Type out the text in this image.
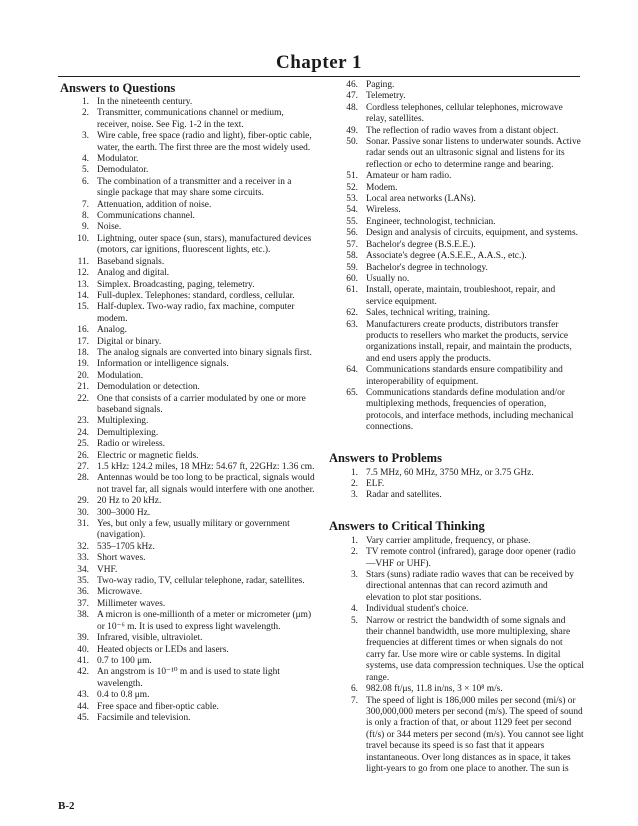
Chapter 1
Answers to Questions
1. In the nineteenth century.
2. Transmitter, communications channel or medium, receiver, noise. See Fig. 1-2 in the text.
3. Wire cable, free space (radio and light), fiber-optic cable, water, the earth. The first three are the most widely used.
4. Modulator.
5. Demodulator.
6. The combination of a transmitter and a receiver in a single package that may share some circuits.
7. Attenuation, addition of noise.
8. Communications channel.
9. Noise.
10. Lightning, outer space (sun, stars), manufactured devices (motors, car ignitions, fluorescent lights, etc.).
11. Baseband signals.
12. Analog and digital.
13. Simplex. Broadcasting, paging, telemetry.
14. Full-duplex. Telephones: standard, cordless, cellular.
15. Half-duplex. Two-way radio, fax machine, computer modem.
16. Analog.
17. Digital or binary.
18. The analog signals are converted into binary signals first.
19. Information or intelligence signals.
20. Modulation.
21. Demodulation or detection.
22. One that consists of a carrier modulated by one or more baseband signals.
23. Multiplexing.
24. Demultiplexing.
25. Radio or wireless.
26. Electric or magnetic fields.
27. 1.5 kHz: 124.2 miles, 18 MHz: 54.67 ft, 22GHz: 1.36 cm.
28. Antennas would be too long to be practical, signals would not travel far, all signals would interfere with one another.
29. 20 Hz to 20 kHz.
30. 300–3000 Hz.
31. Yes, but only a few, usually military or government (navigation).
32. 535–1705 kHz.
33. Short waves.
34. VHF.
35. Two-way radio, TV, cellular telephone, radar, satellites.
36. Microwave.
37. Millimeter waves.
38. A micron is one-millionth of a meter or micrometer (μm) or 10⁻⁶ m. It is used to express light wavelength.
39. Infrared, visible, ultraviolet.
40. Heated objects or LEDs and lasers.
41. 0.7 to 100 μm.
42. An angstrom is 10⁻¹⁰ m and is used to state light wavelength.
43. 0.4 to 0.8 μm.
44. Free space and fiber-optic cable.
45. Facsimile and television.
46. Paging.
47. Telemetry.
48. Cordless telephones, cellular telephones, microwave relay, satellites.
49. The reflection of radio waves from a distant object.
50. Sonar. Passive sonar listens to underwater sounds. Active radar sends out an ultrasonic signal and listens for its reflection or echo to determine range and bearing.
51. Amateur or ham radio.
52. Modem.
53. Local area networks (LANs).
54. Wireless.
55. Engineer, technologist, technician.
56. Design and analysis of circuits, equipment, and systems.
57. Bachelor's degree (B.S.E.E.).
58. Associate's degree (A.S.E.E., A.A.S., etc.).
59. Bachelor's degree in technology.
60. Usually no.
61. Install, operate, maintain, troubleshoot, repair, and service equipment.
62. Sales, technical writing, training.
63. Manufacturers create products, distributors transfer products to resellers who market the products, service organizations install, repair, and maintain the products, and end users apply the products.
64. Communications standards ensure compatibility and interoperability of equipment.
65. Communications standards define modulation and/or multiplexing methods, frequencies of operation, protocols, and interface methods, including mechanical connections.
Answers to Problems
1. 7.5 MHz, 60 MHz, 3750 MHz, or 3.75 GHz.
2. ELF.
3. Radar and satellites.
Answers to Critical Thinking
1. Vary carrier amplitude, frequency, or phase.
2. TV remote control (infrared), garage door opener (radio—VHF or UHF).
3. Stars (suns) radiate radio waves that can be received by directional antennas that can record azimuth and elevation to plot star positions.
4. Individual student's choice.
5. Narrow or restrict the bandwidth of some signals and their channel bandwidth, use more multiplexing, share frequencies at different times or when signals do not carry far. Use more wire or cable systems. In digital systems, use data compression techniques. Use the optical range.
6. 982.08 ft/μs, 11.8 in/ns, 3 × 10⁸ m/s.
7. The speed of light is 186,000 miles per second (mi/s) or 300,000,000 meters per second (m/s). The speed of sound is only a fraction of that, or about 1129 feet per second (ft/s) or 344 meters per second (m/s). You cannot see light travel because its speed is so fast that it appears instantaneous. Over long distances as in space, it takes light-years to go from one place to another. The sun is
B-2
